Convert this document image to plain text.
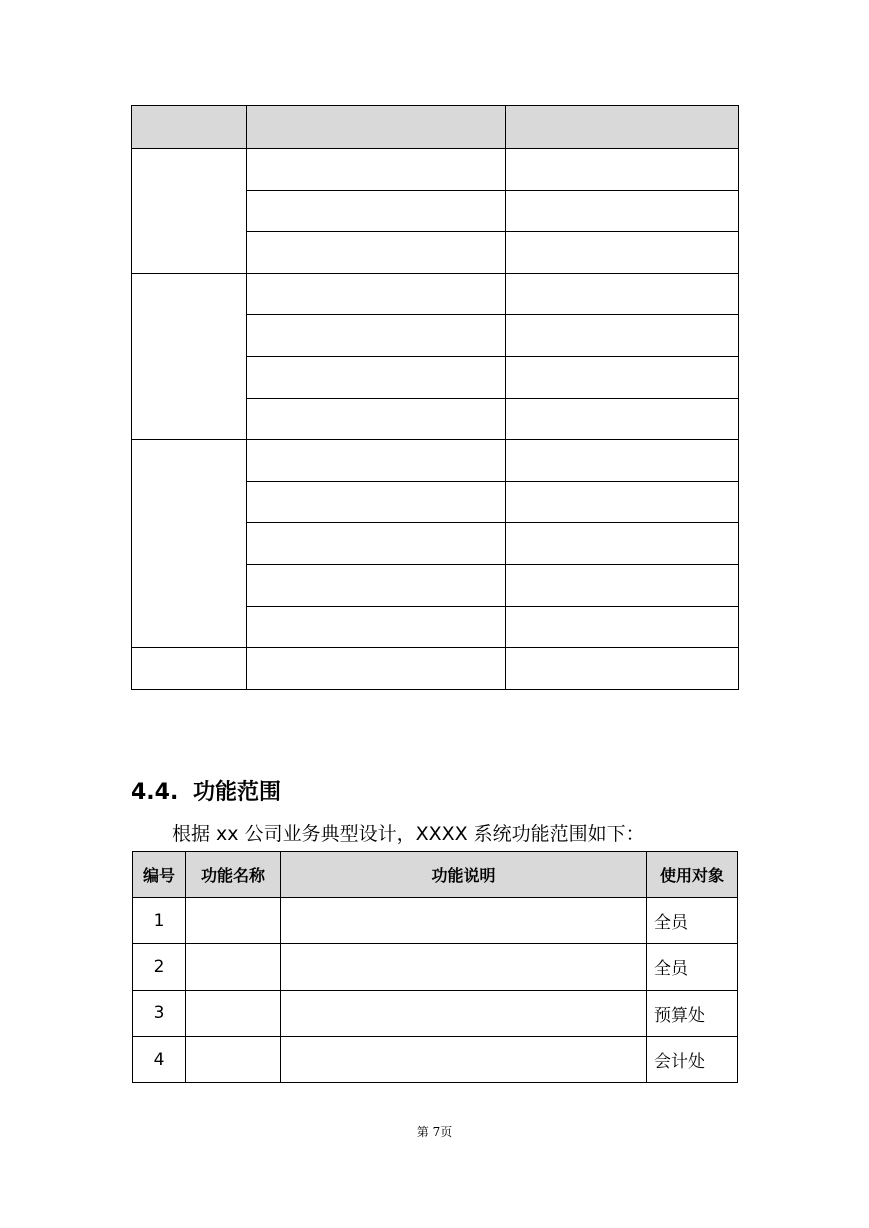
4.4. 功能范围
根据 xx 公司业务典型设计，XXXX 系统功能范围如下：
编号	功能名称	功能说明	使用对象
1			全员
2			全员
3			预算处
4			会计处
第 7页
